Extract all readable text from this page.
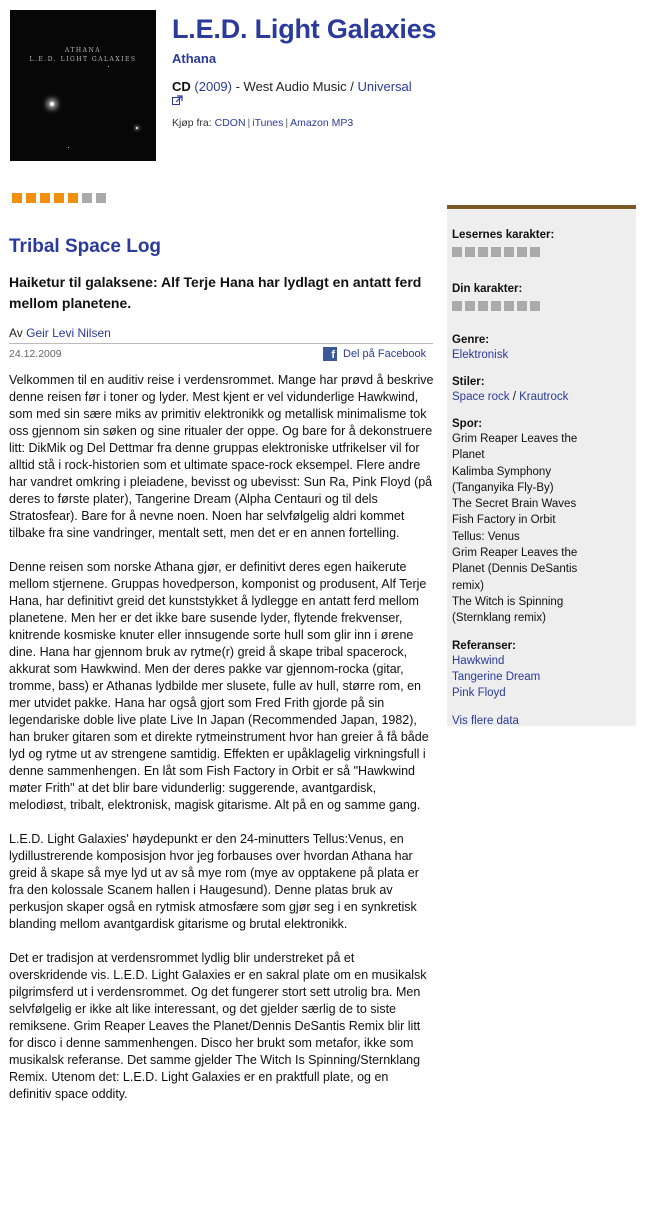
ATHANA
L.E.D. LIGHT GALAXIES
L.E.D. Light Galaxies
Athana
CD (2009) - West Audio Music / Universal
Kjøp fra: CDON | iTunes | Amazon MP3
Tribal Space Log
Haiketur til galaksene: Alf Terje Hana har lydlagt en antatt ferd mellom planetene.
Av Geir Levi Nilsen
24.12.2009	f Del på Facebook

Velkommen til en auditiv reise i verdensrommet. Mange har prøvd å beskrive denne reisen før i toner og lyder. Mest kjent er vel vidunderlige Hawkwind, som med sin sære miks av primitiv elektronikk og metallisk minimalisme tok oss gjennom sin søken og sine ritualer der oppe. Og bare for å dekonstruere litt: DikMik og Del Dettmar fra denne gruppas elektroniske utfrikelser vil for alltid stå i rock-historien som et ultimate space-rock eksempel. Flere andre har vandret omkring i pleiadene, bevisst og ubevisst: Sun Ra, Pink Floyd (på deres to første plater), Tangerine Dream (Alpha Centauri og til dels Stratosfear). Bare for å nevne noen. Noen har selvfølgelig aldri kommet tilbake fra sine vandringer, mentalt sett, men det er en annen fortelling.

Denne reisen som norske Athana gjør, er definitivt deres egen haikerute mellom stjernene. Gruppas hovedperson, komponist og produsent, Alf Terje Hana, har definitivt greid det kunststykket å lydlegge en antatt ferd mellom planetene. Men her er det ikke bare susende lyder, flytende frekvenser, knitrende kosmiske knuter eller innsugende sorte hull som glir inn i ørene dine. Hana har gjennom bruk av rytme(r) greid å skape tribal spacerock, akkurat som Hawkwind. Men der deres pakke var gjennom-rocka (gitar, tromme, bass) er Athanas lydbilde mer slusete, fulle av hull, større rom, en mer utvidet pakke. Hana har også gjort som Fred Frith gjorde på sin legendariske doble live plate Live In Japan (Recommended Japan, 1982), han bruker gitaren som et direkte rytmeinstrument hvor han greier å få både lyd og rytme ut av strengene samtidig. Effekten er upåklagelig virkningsfull i denne sammenhengen. En låt som Fish Factory in Orbit er så "Hawkwind møter Frith" at det blir bare vidunderlig: suggerende, avantgardisk, melodiøst, tribalt, elektronisk, magisk gitarisme. Alt på en og samme gang.

L.E.D. Light Galaxies' høydepunkt er den 24-minutters Tellus:Venus, en lydillustrerende komposisjon hvor jeg forbauses over hvordan Athana har greid å skape så mye lyd ut av så mye rom (mye av opptakene på plata er fra den kolossale Scanem hallen i Haugesund). Denne platas bruk av perkusjon skaper også en rytmisk atmosfære som gjør seg i en synkretisk blanding mellom avantgardisk gitarisme og brutal elektronikk.

Det er tradisjon at verdensrommet lydlig blir understreket på et overskridende vis. L.E.D. Light Galaxies er en sakral plate om en musikalsk pilgrimsferd ut i verdensrommet. Og det fungerer stort sett utrolig bra. Men selvfølgelig er ikke alt like interessant, og det gjelder særlig de to siste remiksene. Grim Reaper Leaves the Planet/Dennis DeSantis Remix blir litt for disco i denne sammenhengen. Disco her brukt som metafor, ikke som musikalsk referanse. Det samme gjelder The Witch Is Spinning/Sternklang Remix. Utenom det: L.E.D. Light Galaxies er en praktfull plate, og en definitiv space oddity.

Lesernes karakter:
Din karakter:
Genre:
Elektronisk
Stiler:
Space rock / Krautrock
Spor:
Grim Reaper Leaves the Planet
Kalimba Symphony (Tanganyika Fly-By)
The Secret Brain Waves
Fish Factory in Orbit
Tellus: Venus
Grim Reaper Leaves the Planet (Dennis DeSantis remix)
The Witch is Spinning (Sternklang remix)
Referanser:
Hawkwind
Tangerine Dream
Pink Floyd
Vis flere data
